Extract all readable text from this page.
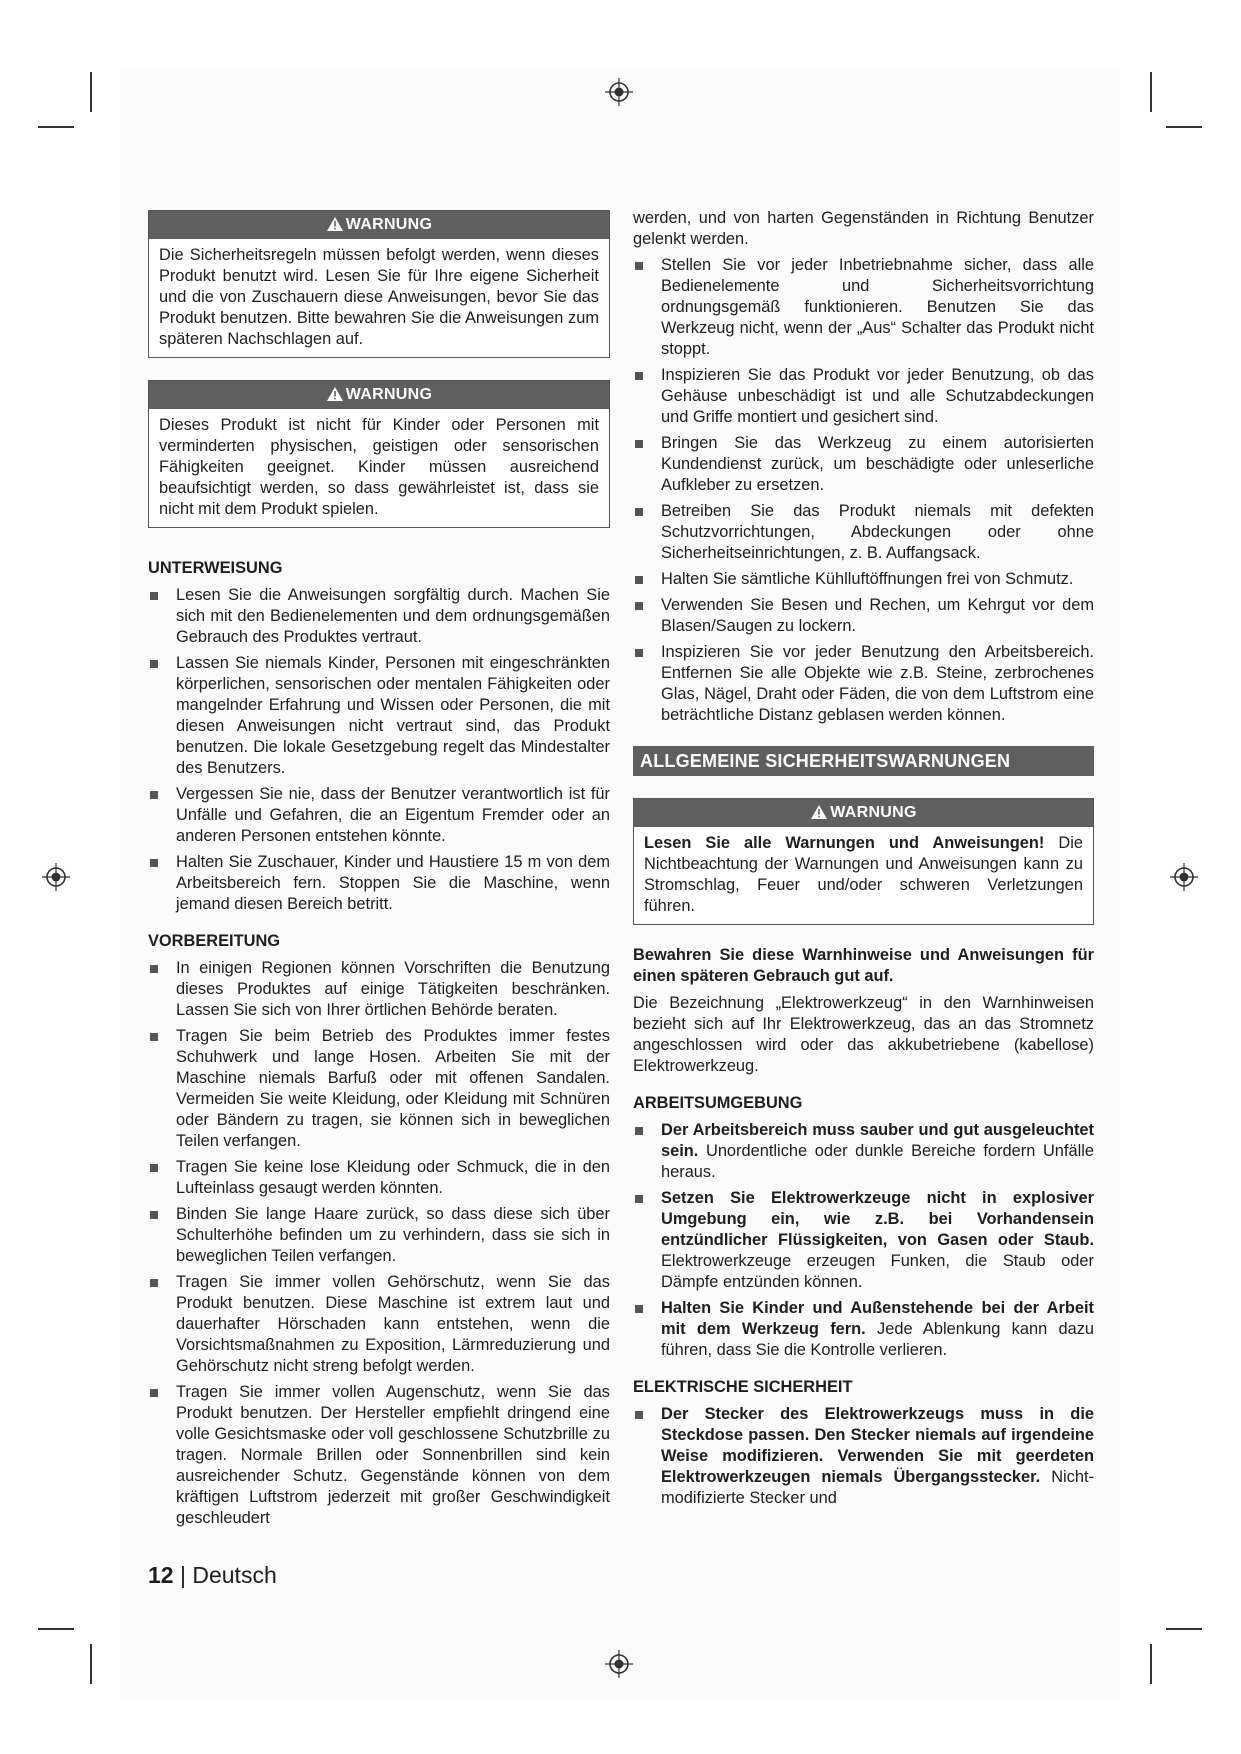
WARNUNG
Die Sicherheitsregeln müssen befolgt werden, wenn dieses Produkt benutzt wird. Lesen Sie für Ihre eigene Sicherheit und die von Zuschauern diese Anweisungen, bevor Sie das Produkt benutzen. Bitte bewahren Sie die Anweisungen zum späteren Nachschlagen auf.
WARNUNG
Dieses Produkt ist nicht für Kinder oder Personen mit verminderten physischen, geistigen oder sensorischen Fähigkeiten geeignet. Kinder müssen ausreichend beaufsichtigt werden, so dass gewährleistet ist, dass sie nicht mit dem Produkt spielen.
UNTERWEISUNG
Lesen Sie die Anweisungen sorgfältig durch. Machen Sie sich mit den Bedienelementen und dem ordnungsgemäßen Gebrauch des Produktes vertraut.
Lassen Sie niemals Kinder, Personen mit eingeschränkten körperlichen, sensorischen oder mentalen Fähigkeiten oder mangelnder Erfahrung und Wissen oder Personen, die mit diesen Anweisungen nicht vertraut sind, das Produkt benutzen. Die lokale Gesetzgebung regelt das Mindestalter des Benutzers.
Vergessen Sie nie, dass der Benutzer verantwortlich ist für Unfälle und Gefahren, die an Eigentum Fremder oder an anderen Personen entstehen könnte.
Halten Sie Zuschauer, Kinder und Haustiere 15 m von dem Arbeitsbereich fern. Stoppen Sie die Maschine, wenn jemand diesen Bereich betritt.
VORBEREITUNG
In einigen Regionen können Vorschriften die Benutzung dieses Produktes auf einige Tätigkeiten beschränken. Lassen Sie sich von Ihrer örtlichen Behörde beraten.
Tragen Sie beim Betrieb des Produktes immer festes Schuhwerk und lange Hosen. Arbeiten Sie mit der Maschine niemals Barfuß oder mit offenen Sandalen. Vermeiden Sie weite Kleidung, oder Kleidung mit Schnüren oder Bändern zu tragen, sie können sich in beweglichen Teilen verfangen.
Tragen Sie keine lose Kleidung oder Schmuck, die in den Lufteinlass gesaugt werden könnten.
Binden Sie lange Haare zurück, so dass diese sich über Schulterhöhe befinden um zu verhindern, dass sie sich in beweglichen Teilen verfangen.
Tragen Sie immer vollen Gehörschutz, wenn Sie das Produkt benutzen. Diese Maschine ist extrem laut und dauerhafter Hörschaden kann entstehen, wenn die Vorsichtsmaßnahmen zu Exposition, Lärmreduzierung und Gehörschutz nicht streng befolgt werden.
Tragen Sie immer vollen Augenschutz, wenn Sie das Produkt benutzen. Der Hersteller empfiehlt dringend eine volle Gesichtsmaske oder voll geschlossene Schutzbrille zu tragen. Normale Brillen oder Sonnenbrillen sind kein ausreichender Schutz. Gegenstände können von dem kräftigen Luftstrom jederzeit mit großer Geschwindigkeit geschleudert

werden, und von harten Gegenständen in Richtung Benutzer gelenkt werden.

Stellen Sie vor jeder Inbetriebnahme sicher, dass alle Bedienelemente und Sicherheitsvorrichtung ordnungsgemäß funktionieren. Benutzen Sie das Werkzeug nicht, wenn der „Aus“ Schalter das Produkt nicht stoppt.
Inspizieren Sie das Produkt vor jeder Benutzung, ob das Gehäuse unbeschädigt ist und alle Schutzabdeckungen und Griffe montiert und gesichert sind.
Bringen Sie das Werkzeug zu einem autorisierten Kundendienst zurück, um beschädigte oder unleserliche Aufkleber zu ersetzen.
Betreiben Sie das Produkt niemals mit defekten Schutzvorrichtungen, Abdeckungen oder ohne Sicherheitseinrichtungen, z. B. Auffangsack.
Halten Sie sämtliche Kühlluftöffnungen frei von Schmutz.
Verwenden Sie Besen und Rechen, um Kehrgut vor dem Blasen/Saugen zu lockern.
Inspizieren Sie vor jeder Benutzung den Arbeitsbereich. Entfernen Sie alle Objekte wie z.B. Steine, zerbrochenes Glas, Nägel, Draht oder Fäden, die von dem Luftstrom eine beträchtliche Distanz geblasen werden können.
ALLGEMEINE SICHERHEITSWARNUNGEN
WARNUNG
Lesen Sie alle Warnungen und Anweisungen! Die Nichtbeachtung der Warnungen und Anweisungen kann zu Stromschlag, Feuer und/oder schweren Verletzungen führen.

Bewahren Sie diese Warnhinweise und Anweisungen für einen späteren Gebrauch gut auf.

Die Bezeichnung „Elektrowerkzeug“ in den Warnhinweisen bezieht sich auf Ihr Elektrowerkzeug, das an das Stromnetz angeschlossen wird oder das akkubetriebene (kabellose) Elektrowerkzeug.

ARBEITSUMGEBUNG
Der Arbeitsbereich muss sauber und gut ausgeleuchtet sein. Unordentliche oder dunkle Bereiche fordern Unfälle heraus.
Setzen Sie Elektrowerkzeuge nicht in explosiver Umgebung ein, wie z.B. bei Vorhandensein entzündlicher Flüssigkeiten, von Gasen oder Staub. Elektrowerkzeuge erzeugen Funken, die Staub oder Dämpfe entzünden können.
Halten Sie Kinder und Außenstehende bei der Arbeit mit dem Werkzeug fern. Jede Ablenkung kann dazu führen, dass Sie die Kontrolle verlieren.
ELEKTRISCHE SICHERHEIT
Der Stecker des Elektrowerkzeugs muss in die Steckdose passen. Den Stecker niemals auf irgendeine Weise modifizieren. Verwenden Sie mit geerdeten Elektrowerkzeugen niemals Übergangsstecker. Nicht-modifizierte Stecker und
12 | Deutsch
